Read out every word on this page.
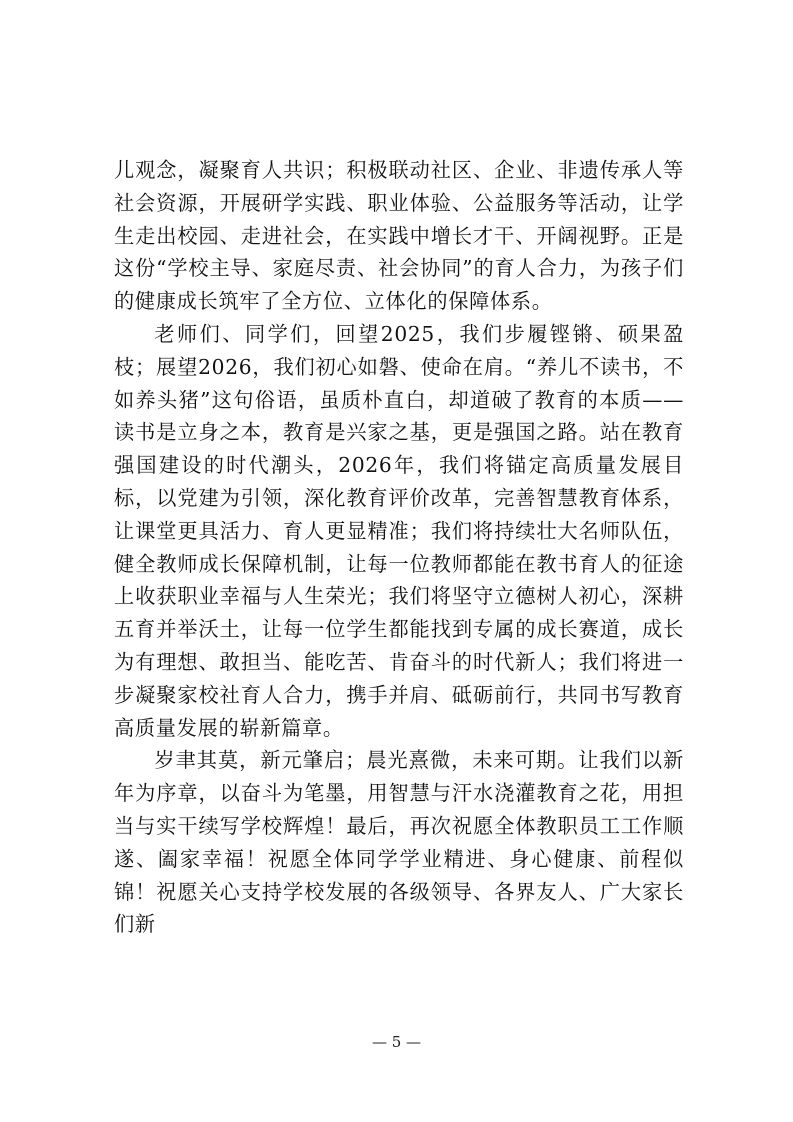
儿观念，凝聚育人共识；积极联动社区、企业、非遗传承人等社会资源，开展研学实践、职业体验、公益服务等活动，让学生走出校园、走进社会，在实践中增长才干、开阔视野。正是这份“学校主导、家庭尽责、社会协同”的育人合力，为孩子们的健康成长筑牢了全方位、立体化的保障体系。

老师们、同学们，回望2025，我们步履铿锵、硕果盈枝；展望2026，我们初心如磐、使命在肩。“养儿不读书，不如养头猪”这句俗语，虽质朴直白，却道破了教育的本质——读书是立身之本，教育是兴家之基，更是强国之路。站在教育强国建设的时代潮头，2026年，我们将锚定高质量发展目标，以党建为引领，深化教育评价改革，完善智慧教育体系，让课堂更具活力、育人更显精准；我们将持续壮大名师队伍，健全教师成长保障机制，让每一位教师都能在教书育人的征途上收获职业幸福与人生荣光；我们将坚守立德树人初心，深耕五育并举沃土，让每一位学生都能找到专属的成长赛道，成长为有理想、敢担当、能吃苦、肯奋斗的时代新人；我们将进一步凝聚家校社育人合力，携手并肩、砥砺前行，共同书写教育高质量发展的崭新篇章。

岁聿其莫，新元肇启；晨光熹微，未来可期。让我们以新年为序章，以奋斗为笔墨，用智慧与汗水浇灌教育之花，用担当与实干续写学校辉煌！最后，再次祝愿全体教职员工工作顺遂、阖家幸福！祝愿全体同学学业精进、身心健康、前程似锦！祝愿关心支持学校发展的各级领导、各界友人、广大家长们新

— 5 —
